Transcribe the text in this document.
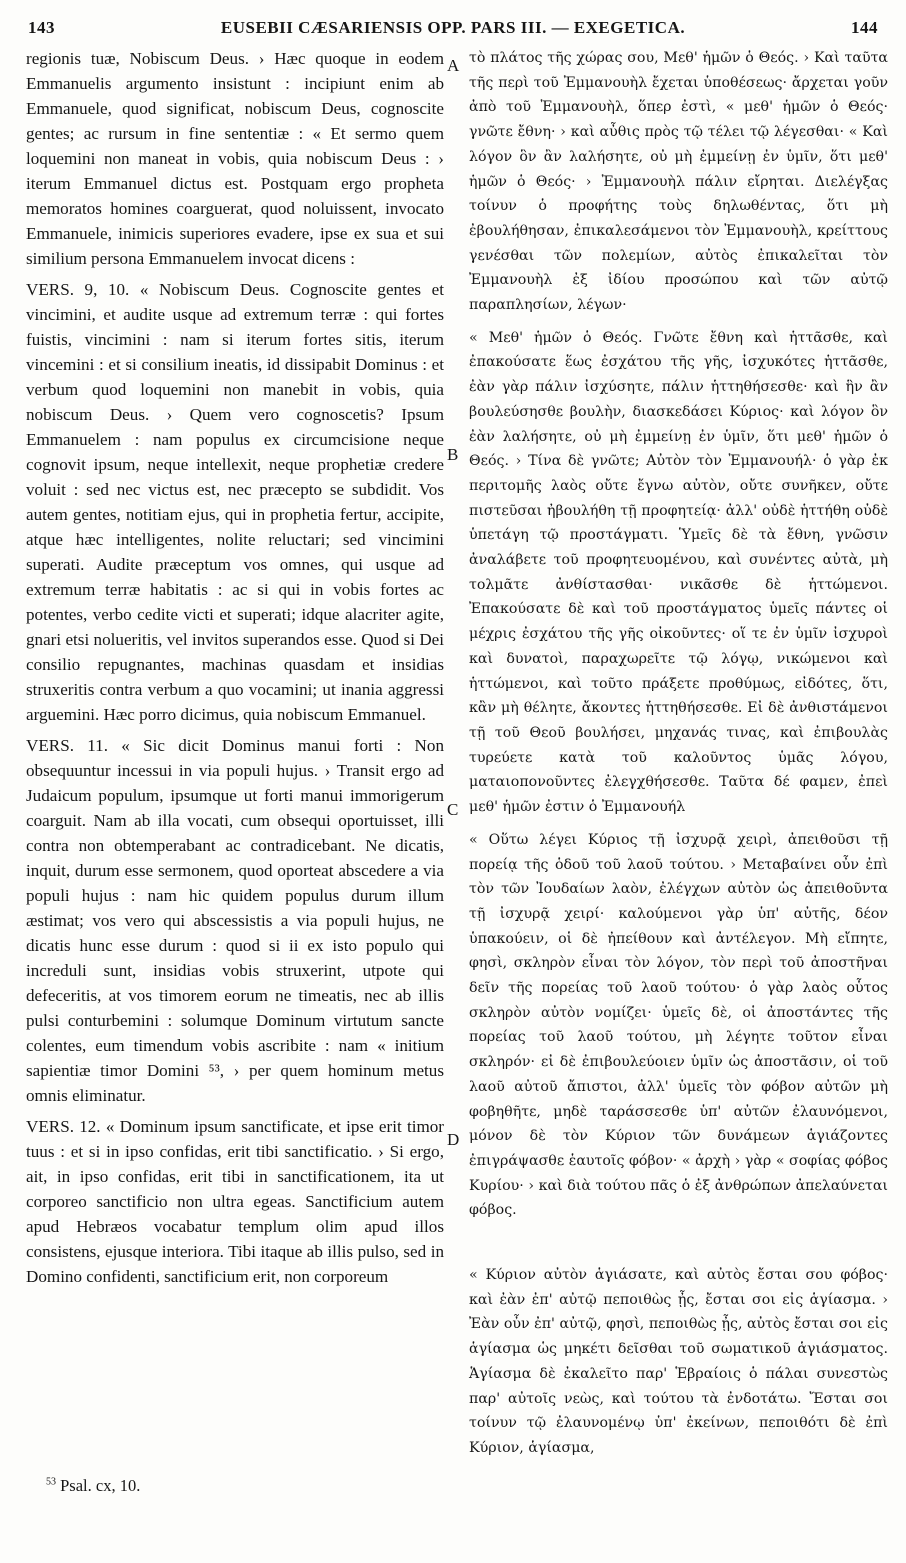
143	EUSEBII CÆSARIENSIS OPP. PARS III. — EXEGETICA.	144

regionis tuæ, Nobiscum Deus. › Hæc quoque in eodem Emmanuelis argumento insistunt : incipiunt enim ab Emmanuele, quod significat, nobiscum Deus, cognoscite gentes; ac rursum in fine sententiæ : « Et sermo quem loquemini non maneat in vobis, quia nobiscum Deus : › iterum Emmanuel dictus est. Postquam ergo propheta memoratos homines coarguerat, quod noluissent, invocato Emmanuele, inimicis superiores evadere, ipse ex sua et sui similium persona Emmanuelem invocat dicens :

VERS. 9, 10. « Nobiscum Deus. Cognoscite gentes et vincimini, et audite usque ad extremum terræ : qui fortes fuistis, vincimini : nam si iterum fortes sitis, iterum vincemini : et si consilium ineatis, id dissipabit Dominus : et verbum quod loquemini non manebit in vobis, quia nobiscum Deus. › Quem vero cognoscetis? Ipsum Emmanuelem : nam populus ex circumcisione neque cognovit ipsum, neque intellexit, neque prophetiæ credere voluit : sed nec victus est, nec præcepto se subdidit. Vos autem gentes, notitiam ejus, qui in prophetia fertur, accipite, atque hæc intelligentes, nolite reluctari; sed vincimini superati. Audite præceptum vos omnes, qui usque ad extremum terræ habitatis : ac si qui in vobis fortes ac potentes, verbo cedite victi et superati; idque alacriter agite, gnari etsi nolueritis, vel invitos superandos esse. Quod si Dei consilio repugnantes, machinas quasdam et insidias struxeritis contra verbum a quo vocamini; ut inania aggressi arguemini. Hæc porro dicimus, quia nobiscum Emmanuel.

VERS. 11. « Sic dicit Dominus manui forti : Non obsequuntur incessui in via populi hujus. › Transit ergo ad Judaicum populum, ipsumque ut forti manui immorigerum coarguit. Nam ab illa vocati, cum obsequi oportuisset, illi contra non obtemperabant ac contradicebant. Ne dicatis, inquit, durum esse sermonem, quod oporteat abscedere a via populi hujus : nam hic quidem populus durum illum æstimat; vos vero qui abscessistis a via populi hujus, ne dicatis hunc esse durum : quod si ii ex isto populo qui increduli sunt, insidias vobis struxerint, utpote qui defeceritis, at vos timorem eorum ne timeatis, nec ab illis pulsi conturbemini : solumque Dominum virtutum sancte colentes, eum timendum vobis ascribite : nam « initium sapientiæ timor Domini ⁵³, › per quem hominum metus omnis eliminatur.

VERS. 12. « Dominum ipsum sanctificate, et ipse erit timor tuus : et si in ipso confidas, erit tibi sanctificatio. › Si ergo, ait, in ipso confidas, erit tibi in sanctificationem, ita ut corporeo sanctificio non ultra egeas. Sanctificium autem apud Hebræos vocabatur templum olim apud illos consistens, ejusque interiora. Tibi itaque ab illis pulso, sed in Domino confidenti, sanctificium erit, non corporeum

A
B
C
D

τὸ πλάτος τῆς χώρας σου, Μεθ' ἡμῶν ὁ Θεός. › Καὶ ταῦτα τῆς περὶ τοῦ Ἐμμανουὴλ ἔχεται ὑποθέσεως· ἄρχεται γοῦν ἀπὸ τοῦ Ἐμμανουὴλ, ὅπερ ἐστὶ, « μεθ' ἡμῶν ὁ Θεός· γνῶτε ἔθνη· › καὶ αὖθις πρὸς τῷ τέλει τῷ λέγεσθαι· « Καὶ λόγον ὃν ἂν λαλήσητε, οὐ μὴ ἐμμείνῃ ἐν ὑμῖν, ὅτι μεθ' ἡμῶν ὁ Θεός· › Ἐμμανουὴλ πάλιν εἴρηται. Διελέγξας τοίνυν ὁ προφήτης τοὺς δηλωθέντας, ὅτι μὴ ἐβουλήθησαν, ἐπικαλεσάμενοι τὸν Ἐμμανουὴλ, κρείττους γενέσθαι τῶν πολεμίων, αὐτὸς ἐπικαλεῖται τὸν Ἐμμανουὴλ ἐξ ἰδίου προσώπου καὶ τῶν αὐτῷ παραπλησίων, λέγων·

« Μεθ' ἡμῶν ὁ Θεός. Γνῶτε ἔθνη καὶ ἡττᾶσθε, καὶ ἐπακούσατε ἕως ἐσχάτου τῆς γῆς, ἰσχυκότες ἡττᾶσθε, ἐὰν γὰρ πάλιν ἰσχύσητε, πάλιν ἡττηθήσεσθε· καὶ ἣν ἂν βουλεύσησθε βουλὴν, διασκεδάσει Κύριος· καὶ λόγον ὃν ἐὰν λαλήσητε, οὐ μὴ ἐμμείνῃ ἐν ὑμῖν, ὅτι μεθ' ἡμῶν ὁ Θεός. › Τίνα δὲ γνῶτε; Αὐτὸν τὸν Ἐμμανουήλ· ὁ γὰρ ἐκ περιτομῆς λαὸς οὔτε ἔγνω αὐτὸν, οὔτε συνῆκεν, οὔτε πιστεῦσαι ἠβουλήθη τῇ προφητείᾳ· ἀλλ' οὐδὲ ἡττήθη οὐδὲ ὑπετάγη τῷ προστάγματι. Ὑμεῖς δὲ τὰ ἔθνη, γνῶσιν ἀναλάβετε τοῦ προφητευομένου, καὶ συνέντες αὐτὰ, μὴ τολμᾶτε ἀνθίστασθαι· νικᾶσθε δὲ ἡττώμενοι. Ἐπακούσατε δὲ καὶ τοῦ προστάγματος ὑμεῖς πάντες οἱ μέχρις ἐσχάτου τῆς γῆς οἰκοῦντες· οἵ τε ἐν ὑμῖν ἰσχυροὶ καὶ δυνατοὶ, παραχωρεῖτε τῷ λόγῳ, νικώμενοι καὶ ἡττώμενοι, καὶ τοῦτο πράξετε προθύμως, εἰδότες, ὅτι, κἂν μὴ θέλητε, ἄκοντες ἡττηθήσεσθε. Εἰ δὲ ἀνθιστάμενοι τῇ τοῦ Θεοῦ βουλήσει, μηχανάς τινας, καὶ ἐπιβουλὰς τυρεύετε κατὰ τοῦ καλοῦντος ὑμᾶς λόγου, ματαιοπονοῦντες ἐλεγχθήσεσθε. Ταῦτα δέ φαμεν, ἐπεὶ μεθ' ἡμῶν ἐστιν ὁ Ἐμμανουήλ

« Οὕτω λέγει Κύριος τῇ ἰσχυρᾷ χειρὶ, ἀπειθοῦσι τῇ πορείᾳ τῆς ὁδοῦ τοῦ λαοῦ τούτου. › Μεταβαίνει οὖν ἐπὶ τὸν τῶν Ἰουδαίων λαὸν, ἐλέγχων αὐτὸν ὡς ἀπειθοῦντα τῇ ἰσχυρᾷ χειρί· καλούμενοι γὰρ ὑπ' αὐτῆς, δέον ὑπακούειν, οἱ δὲ ἠπείθουν καὶ ἀντέλεγον. Μὴ εἴπητε, φησὶ, σκληρὸν εἶναι τὸν λόγον, τὸν περὶ τοῦ ἀποστῆναι δεῖν τῆς πορείας τοῦ λαοῦ τούτου· ὁ γὰρ λαὸς οὗτος σκληρὸν αὐτὸν νομίζει· ὑμεῖς δὲ, οἱ ἀποστάντες τῆς πορείας τοῦ λαοῦ τούτου, μὴ λέγητε τοῦτον εἶναι σκληρόν· εἰ δὲ ἐπιβουλεύοιεν ὑμῖν ὡς ἀποστᾶσιν, οἱ τοῦ λαοῦ αὐτοῦ ἄπιστοι, ἀλλ' ὑμεῖς τὸν φόβον αὐτῶν μὴ φοβηθῆτε, μηδὲ ταράσσεσθε ὑπ' αὐτῶν ἐλαυνόμενοι, μόνον δὲ τὸν Κύριον τῶν δυνάμεων ἁγιάζοντες ἐπιγράψασθε ἑαυτοῖς φόβον· « ἀρχὴ › γὰρ « σοφίας φόβος Κυρίου· › καὶ διὰ τούτου πᾶς ὁ ἐξ ἀνθρώπων ἀπελαύνεται φόβος.

« Κύριον αὐτὸν ἁγιάσατε, καὶ αὐτὸς ἔσται σου φόβος· καὶ ἐὰν ἐπ' αὐτῷ πεποιθὼς ᾖς, ἔσται σοι εἰς ἁγίασμα. › Ἐὰν οὖν ἐπ' αὐτῷ, φησὶ, πεποιθὼς ᾖς, αὐτὸς ἔσται σοι εἰς ἁγίασμα ὡς μηκέτι δεῖσθαι τοῦ σωματικοῦ ἁγιάσματος. Ἁγίασμα δὲ ἐκαλεῖτο παρ' Ἑβραίοις ὁ πάλαι συνεστὼς παρ' αὐτοῖς νεὼς, καὶ τούτου τὰ ἐνδοτάτω. Ἔσται σοι τοίνυν τῷ ἐλαυνομένῳ ὑπ' ἐκείνων, πεποιθότι δὲ ἐπὶ Κύριον, ἁγίασμα,

$^{53}$ Psal. cx, 10.
